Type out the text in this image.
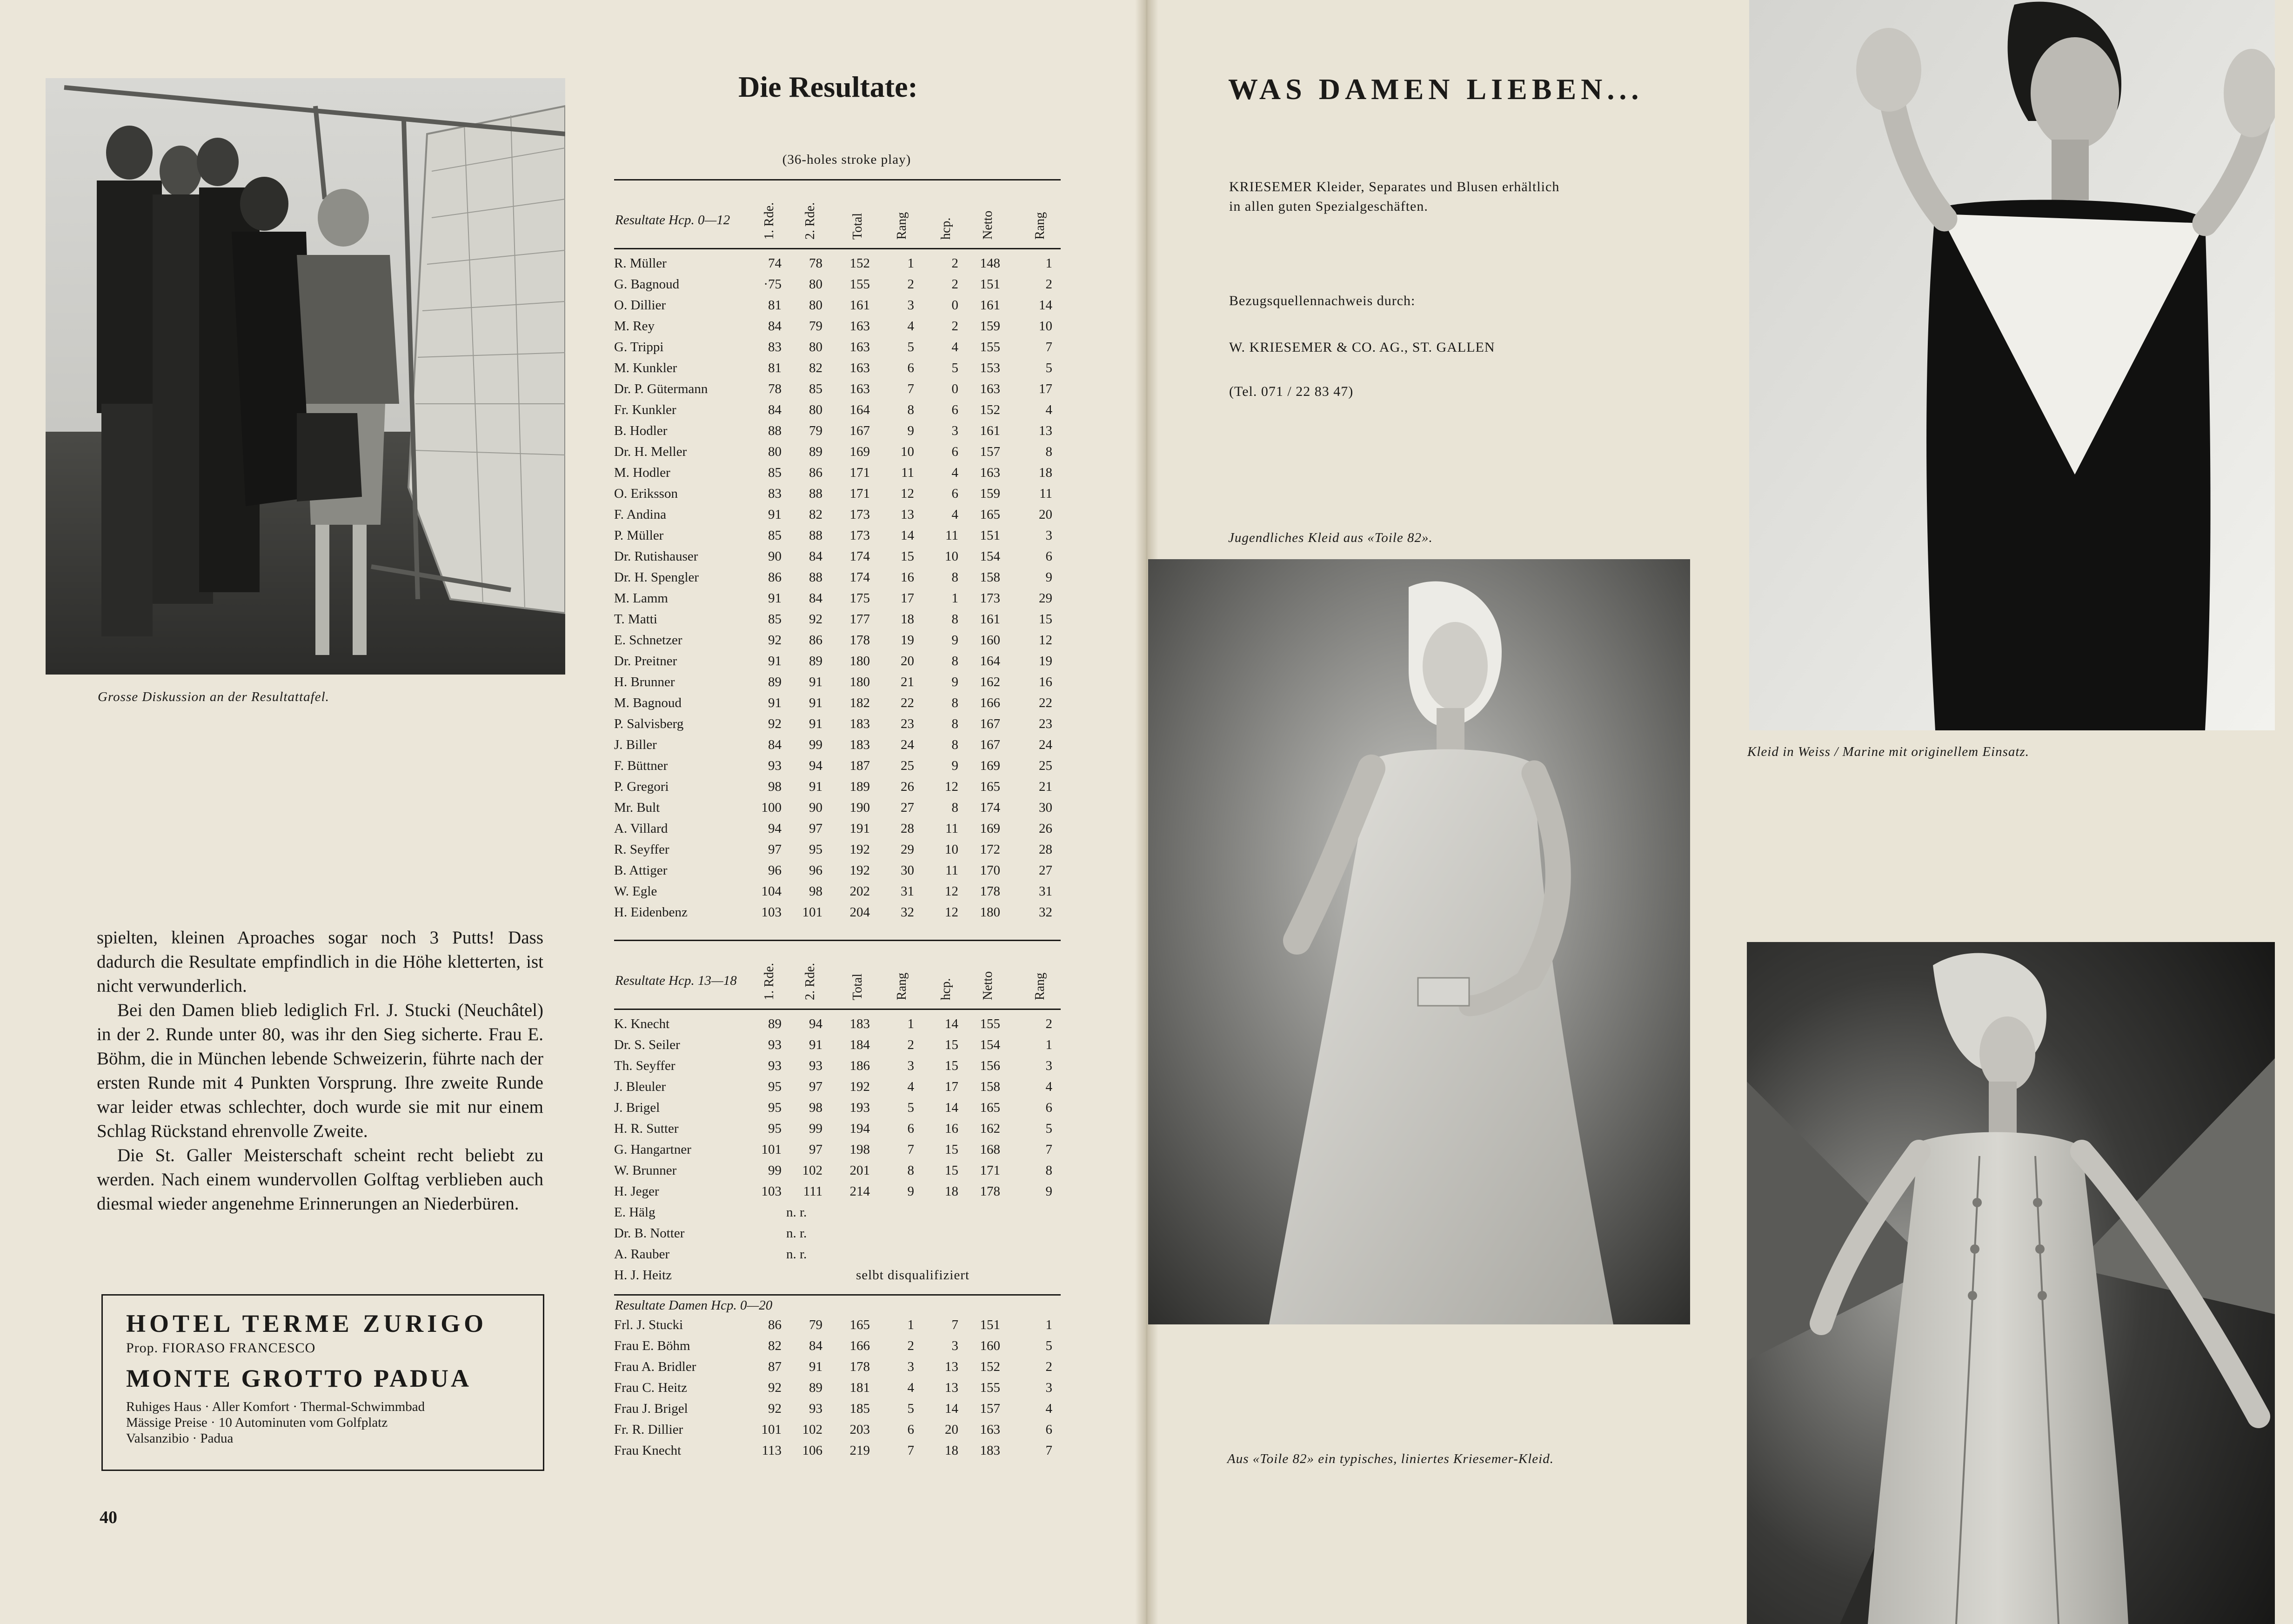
Grosse Diskussion an der Resultattafel.

spielten, kleinen Aproaches sogar noch 3 Putts! Dass dadurch die Resultate empfindlich in die Höhe kletterten, ist nicht verwunderlich.

Bei den Damen blieb lediglich Frl. J. Stucki (Neuchâtel) in der 2. Runde unter 80, was ihr den Sieg sicherte. Frau E. Böhm, die in München lebende Schweizerin, führte nach der ersten Runde mit 4 Punkten Vorsprung. Ihre zweite Runde war leider etwas schlechter, doch wurde sie mit nur einem Schlag Rückstand ehrenvolle Zweite.

Die St. Galler Meisterschaft scheint recht beliebt zu werden. Nach einem wundervollen Golftag verblieben auch diesmal wieder angenehme Erinnerungen an Niederbüren.

HOTEL TERME ZURIGO
Prop. FIORASO FRANCESCO
MONTE GROTTO PADUA
Ruhiges Haus · Aller Komfort · Thermal-Schwimmbad
Mässige Preise · 10 Autominuten vom Golfplatz
Valsanzibio · Padua
40
Die Resultate:
(36-holes stroke play)
Resultate Hcp. 0—12 1. Rde. 2. Rde.	Total Rang hcp. Netto	Rang
R. Müller	74	78	152	1	2	148	1
G. Bagnoud	·75	80	155	2	2	151	2
O. Dillier	81	80	161	3	0	161	14
M. Rey	84	79	163	4	2	159	10
G. Trippi	83	80	163	5	4	155	7
M. Kunkler	81	82	163	6	5	153	5
Dr. P. Gütermann	78	85	163	7	0	163	17
Fr. Kunkler	84	80	164	8	6	152	4
B. Hodler	88	79	167	9	3	161	13
Dr. H. Meller	80	89	169	10	6	157	8
M. Hodler	85	86	171	11	4	163	18
O. Eriksson	83	88	171	12	6	159	11
F. Andina	91	82	173	13	4	165	20
P. Müller	85	88	173	14	11	151	3
Dr. Rutishauser	90	84	174	15	10	154	6
Dr. H. Spengler	86	88	174	16	8	158	9
M. Lamm	91	84	175	17	1	173	29
T. Matti	85	92	177	18	8	161	15
E. Schnetzer	92	86	178	19	9	160	12
Dr. Preitner	91	89	180	20	8	164	19
H. Brunner	89	91	180	21	9	162	16
M. Bagnoud	91	91	182	22	8	166	22
P. Salvisberg	92	91	183	23	8	167	23
J. Biller	84	99	183	24	8	167	24
F. Büttner	93	94	187	25	9	169	25
P. Gregori	98	91	189	26	12	165	21
Mr. Bult	100	90	190	27	8	174	30
A. Villard	94	97	191	28	11	169	26
R. Seyffer	97	95	192	29	10	172	28
B. Attiger	96	96	192	30	11	170	27
W. Egle	104	98	202	31	12	178	31
H. Eidenbenz	103	101	204	32	12	180	32
Resultate Hcp. 13—18 1. Rde. 2. Rde.	Total Rang hcp. Netto	Rang
K. Knecht	89	94	183	1	14	155	2
Dr. S. Seiler	93	91	184	2	15	154	1
Th. Seyffer	93	93	186	3	15	156	3
J. Bleuler	95	97	192	4	17	158	4
J. Brigel	95	98	193	5	14	165	6
H. R. Sutter	95	99	194	6	16	162	5
G. Hangartner	101	97	198	7	15	168	7
W. Brunner	99	102	201	8	15	171	8
H. Jeger	103	111	214	9	18	178	9
E. Hälg	n. r.
Dr. B. Notter	n. r.
A. Rauber	n. r.
H. J. Heitz	selbt disqualifiziert
Resultate Damen Hcp. 0—20
Frl. J. Stucki	86	79	165	1	7	151	1
Frau E. Böhm	82	84	166	2	3	160	5
Frau A. Bridler	87	91	178	3	13	152	2
Frau C. Heitz	92	89	181	4	13	155	3
Frau J. Brigel	92	93	185	5	14	157	4
Fr. R. Dillier	101	102	203	6	20	163	6
Frau Knecht	113	106	219	7	18	183	7
WAS DAMEN LIEBEN...
KRIESEMER Kleider, Separates und Blusen erhältlich
in allen guten Spezialgeschäften.
Bezugsquellennachweis durch:
W. KRIESEMER & CO. AG., ST. GALLEN
(Tel. 071 / 22 83 47)
Jugendliches Kleid aus «Toile 82».
Aus «Toile 82» ein typisches, liniertes Kriesemer-Kleid.
Kleid in Weiss / Marine mit originellem Einsatz.
